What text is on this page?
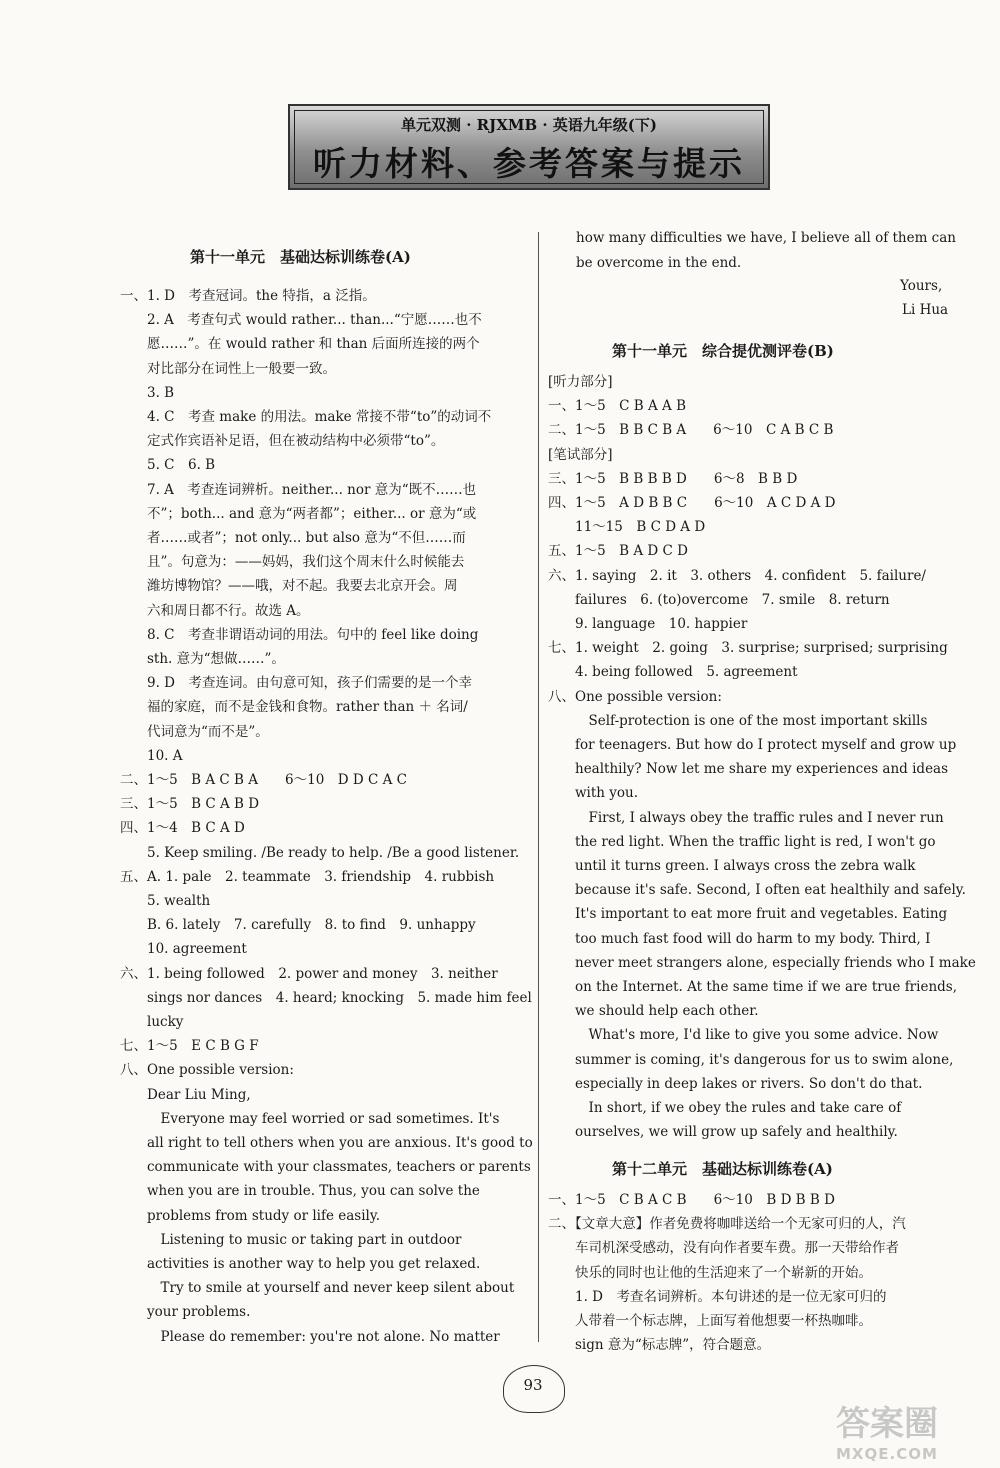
单元双测 · RJXMB · 英语九年级(下)
听力材料、参考答案与提示
第十一单元　基础达标训练卷(A)
一、1. D　考查冠词。the 特指，a 泛指。
　　2. A　考查句式 would rather... than...“宁愿……也不
　　愿……”。在 would rather 和 than 后面所连接的两个
　　对比部分在词性上一般要一致。
　　3. B
　　4. C　考查 make 的用法。make 常接不带“to”的动词不
　　定式作宾语补足语，但在被动结构中必须带“to”。
　　5. C　6. B
　　7. A　考查连词辨析。neither... nor 意为“既不……也
　　不”；both... and 意为“两者都”；either... or 意为“或
　　者……或者”；not only... but also 意为“不但……而
　　且”。句意为：——妈妈，我们这个周末什么时候能去
　　潍坊博物馆？——哦，对不起。我要去北京开会。周
　　六和周日都不行。故选 A。
　　8. C　考查非谓语动词的用法。句中的 feel like doing
　　sth. 意为“想做……”。
　　9. D　考查连词。由句意可知，孩子们需要的是一个幸
　　福的家庭，而不是金钱和食物。rather than ＋ 名词/
　　代词意为“而不是”。
　　10. A
二、1～5　B A C B A　　6～10　D D C A C
三、1～5　B C A B D
四、1～4　B C A D
　　5. Keep smiling. /Be ready to help. /Be a good listener.
五、A. 1. pale　2. teammate　3. friendship　4. rubbish
　　5. wealth
　　B. 6. lately　7. carefully　8. to find　9. unhappy
　　10. agreement
六、1. being followed　2. power and money　3. neither
　　sings nor dances　4. heard; knocking　5. made him feel
　　lucky
七、1～5　E C B G F
八、One possible version:
　　Dear Liu Ming,
　　　Everyone may feel worried or sad sometimes. It's
　　all right to tell others when you are anxious. It's good to
　　communicate with your classmates, teachers or parents
　　when you are in trouble. Thus, you can solve the
　　problems from study or life easily.
　　　Listening to music or taking part in outdoor
　　activities is another way to help you get relaxed.
　　　Try to smile at yourself and never keep silent about
　　your problems.
　　　Please do remember: you're not alone. No matter
how many difficulties we have, I believe all of them can
be overcome in the end.
Yours,
Li Hua
第十一单元　综合提优测评卷(B)
[听力部分]
一、1～5　C B A A B
二、1～5　B B C B A　　6～10　C A B C B
[笔试部分]
三、1～5　B B B B D　　6～8　B B D
四、1～5　A D B B C　　6～10　A C D A D
　　11～15　B C D A D
五、1～5　B A D C D
六、1. saying　2. it　3. others　4. confident　5. failure/
　　failures　6. (to)overcome　7. smile　8. return
　　9. language　10. happier
七、1. weight　2. going　3. surprise; surprised; surprising
　　4. being followed　5. agreement
八、One possible version:
　　　Self-protection is one of the most important skills
　　for teenagers. But how do I protect myself and grow up
　　healthily? Now let me share my experiences and ideas
　　with you.
　　　First, I always obey the traffic rules and I never run
　　the red light. When the traffic light is red, I won't go
　　until it turns green. I always cross the zebra walk
　　because it's safe. Second, I often eat healthily and safely.
　　It's important to eat more fruit and vegetables. Eating
　　too much fast food will do harm to my body. Third, I
　　never meet strangers alone, especially friends who I make
　　on the Internet. At the same time if we are true friends,
　　we should help each other.
　　　What's more, I'd like to give you some advice. Now
　　summer is coming, it's dangerous for us to swim alone,
　　especially in deep lakes or rivers. So don't do that.
　　　In short, if we obey the rules and take care of
　　ourselves, we will grow up safely and healthily.
第十二单元　基础达标训练卷(A)
一、1～5　C B A C B　　6～10　B D B B D
二、【文章大意】作者免费将咖啡送给一个无家可归的人，汽
　　车司机深受感动，没有向作者要车费。那一天带给作者
　　快乐的同时也让他的生活迎来了一个崭新的开始。
　　1. D　考查名词辨析。本句讲述的是一位无家可归的
　　人带着一个标志牌，上面写着他想要一杯热咖啡。
　　sign 意为“标志牌”，符合题意。
93
答案圈
MXQE.COM
